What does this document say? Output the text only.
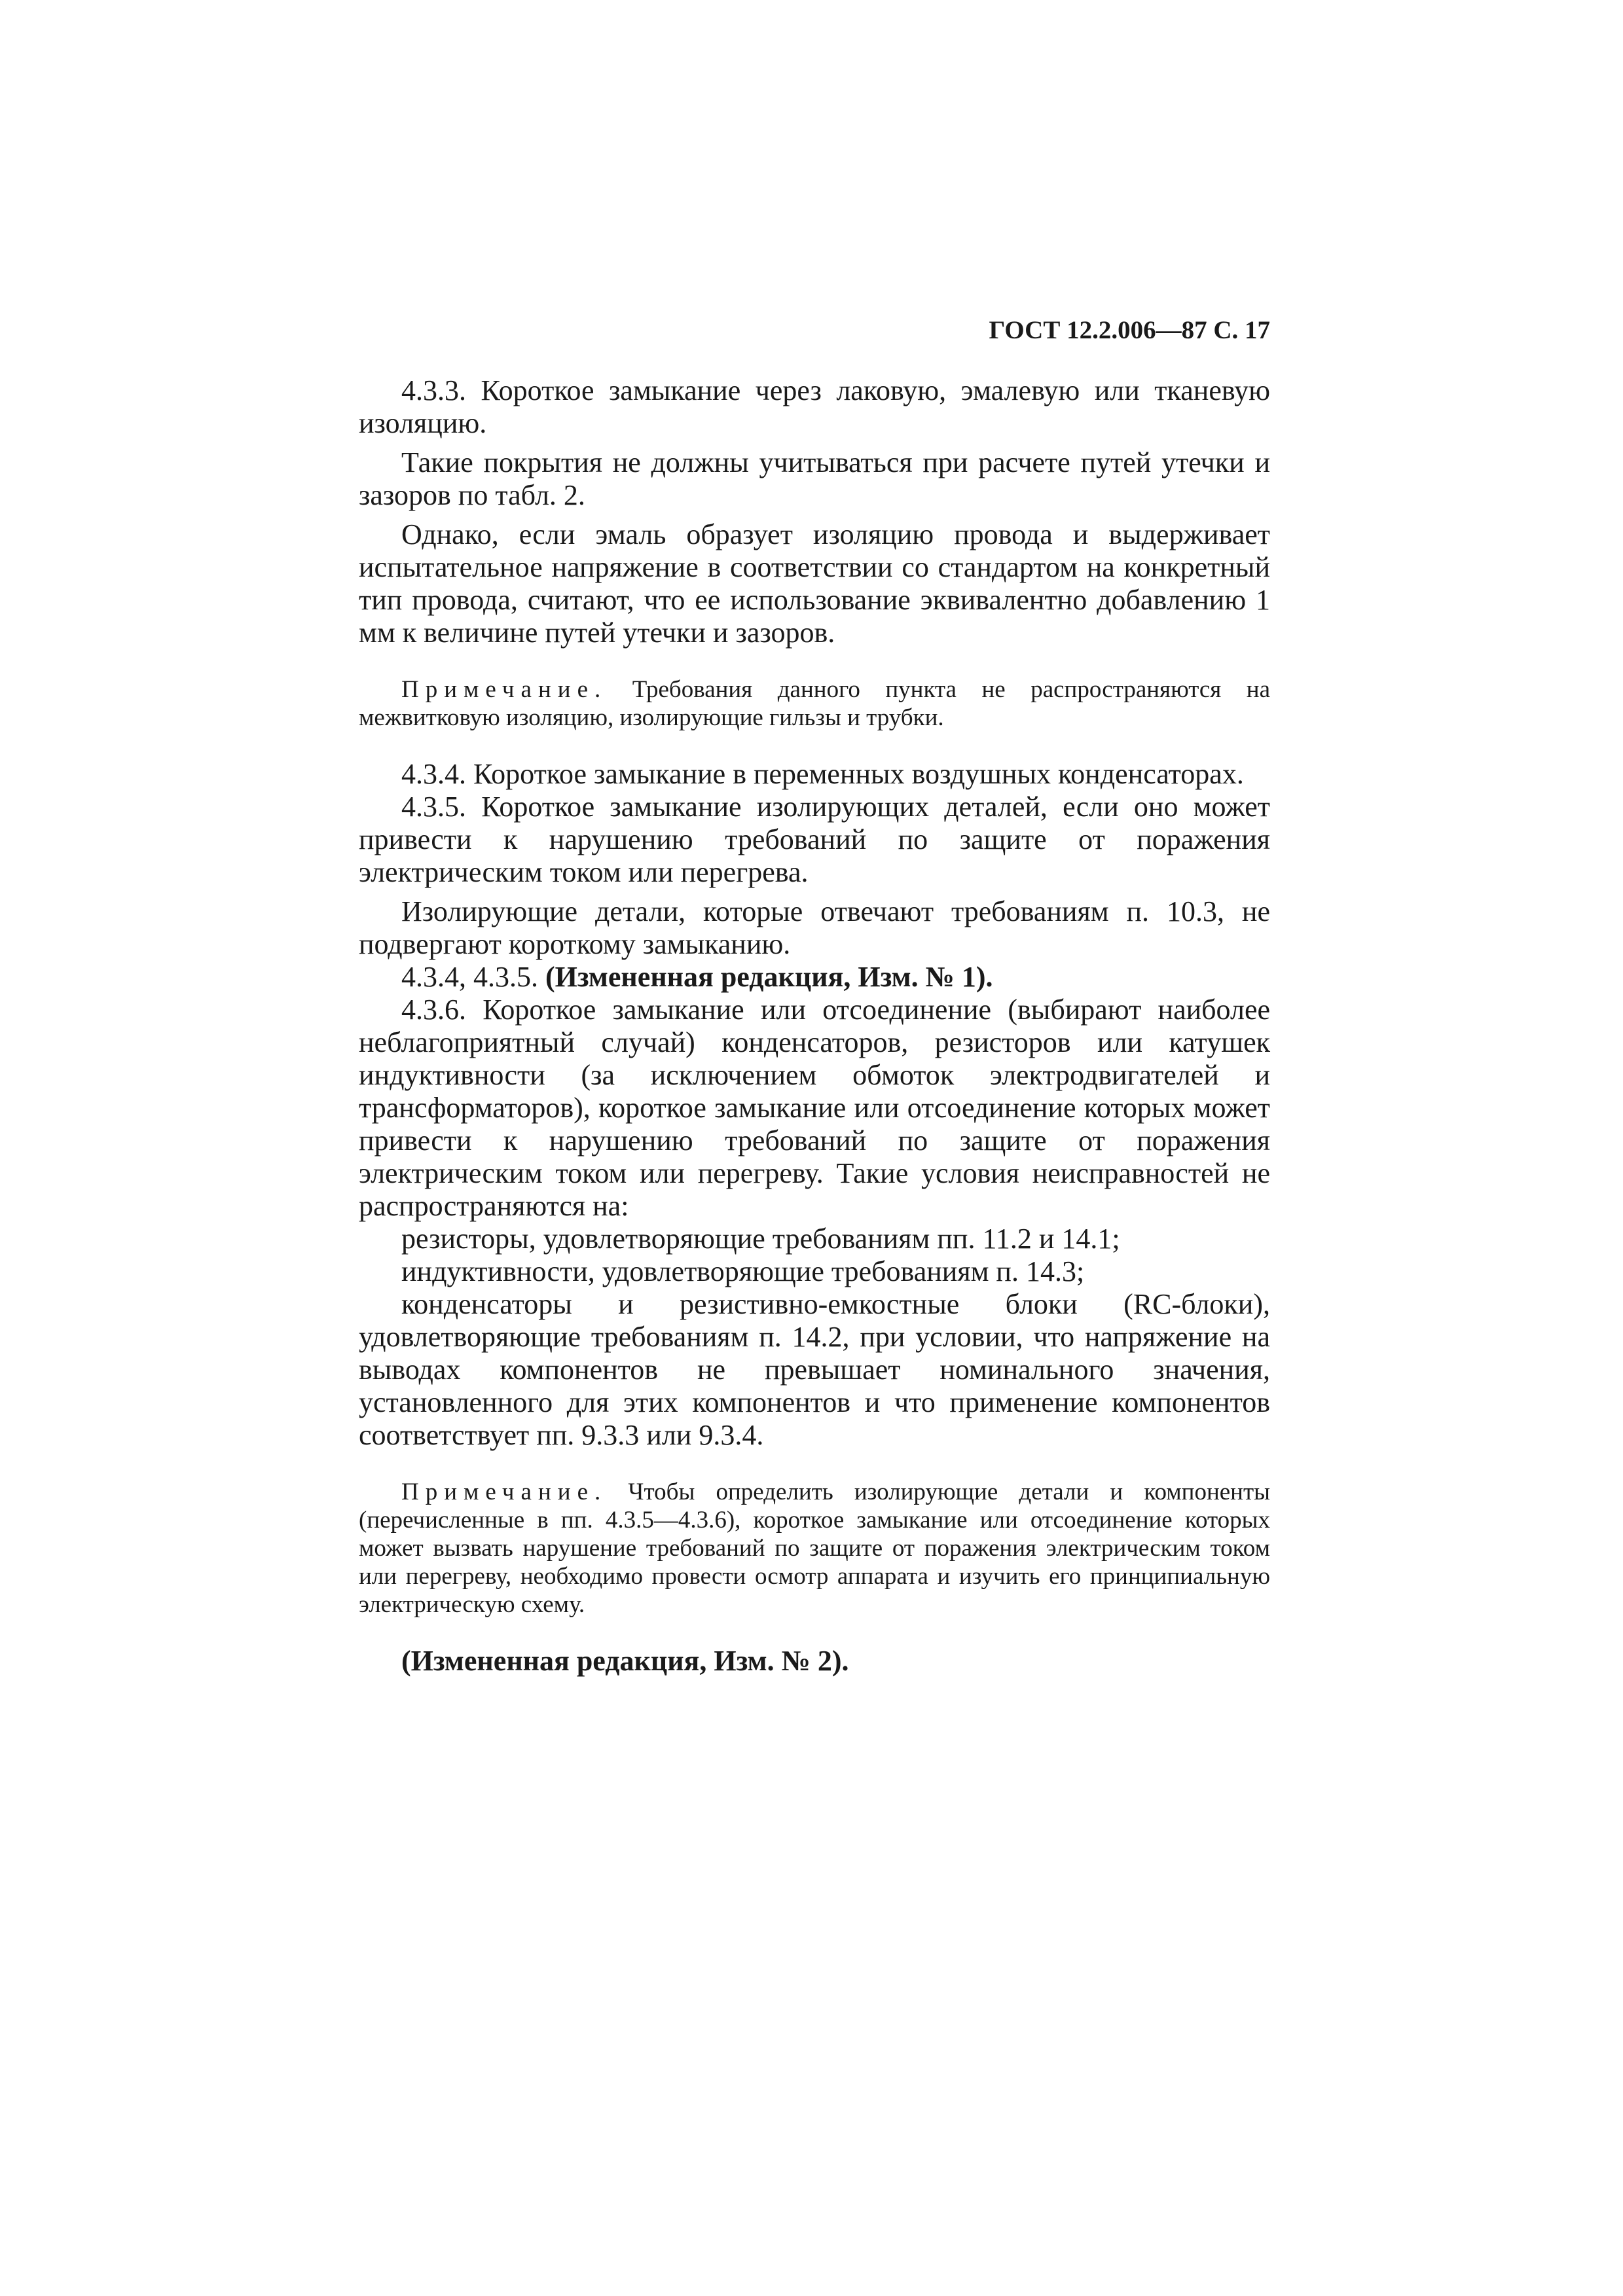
ГОСТ 12.2.006—87 С. 17

4.3.3. Короткое замыкание через лаковую, эмалевую или тканевую изоляцию.

Такие покрытия не должны учитываться при расчете путей утечки и зазоров по табл. 2.

Однако, если эмаль образует изоляцию провода и выдерживает испытательное напряжение в соответствии со стандартом на конкретный тип провода, считают, что ее использование эквивалентно добавлению 1 мм к величине путей утечки и зазоров.

Примечание. Требования данного пункта не распространяются на межвитковую изоляцию, изолирующие гильзы и трубки.

4.3.4. Короткое замыкание в переменных воздушных конденсаторах.

4.3.5. Короткое замыкание изолирующих деталей, если оно может привести к нарушению требований по защите от поражения электрическим током или перегрева.

Изолирующие детали, которые отвечают требованиям п. 10.3, не подвергают короткому замыканию.

4.3.4, 4.3.5. (Измененная редакция, Изм. № 1).

4.3.6. Короткое замыкание или отсоединение (выбирают наиболее неблагоприятный случай) конденсаторов, резисторов или катушек индуктивности (за исключением обмоток электродвигателей и трансформаторов), короткое замыкание или отсоединение которых может привести к нарушению требований по защите от поражения электрическим током или перегреву. Такие условия неисправностей не распространяются на:

резисторы, удовлетворяющие требованиям пп. 11.2 и 14.1;

индуктивности, удовлетворяющие требованиям п. 14.3;

конденсаторы и резистивно-емкостные блоки (RC-блоки), удовлетворяющие требованиям п. 14.2, при условии, что напряжение на выводах компонентов не превышает номинального значения, установленного для этих компонентов и что применение компонентов соответствует пп. 9.3.3 или 9.3.4.

Примечание. Чтобы определить изолирующие детали и компоненты (перечисленные в пп. 4.3.5—4.3.6), короткое замыкание или отсоединение которых может вызвать нарушение требований по защите от поражения электрическим током или перегреву, необходимо провести осмотр аппарата и изучить его принципиальную электрическую схему.

(Измененная редакция, Изм. № 2).
